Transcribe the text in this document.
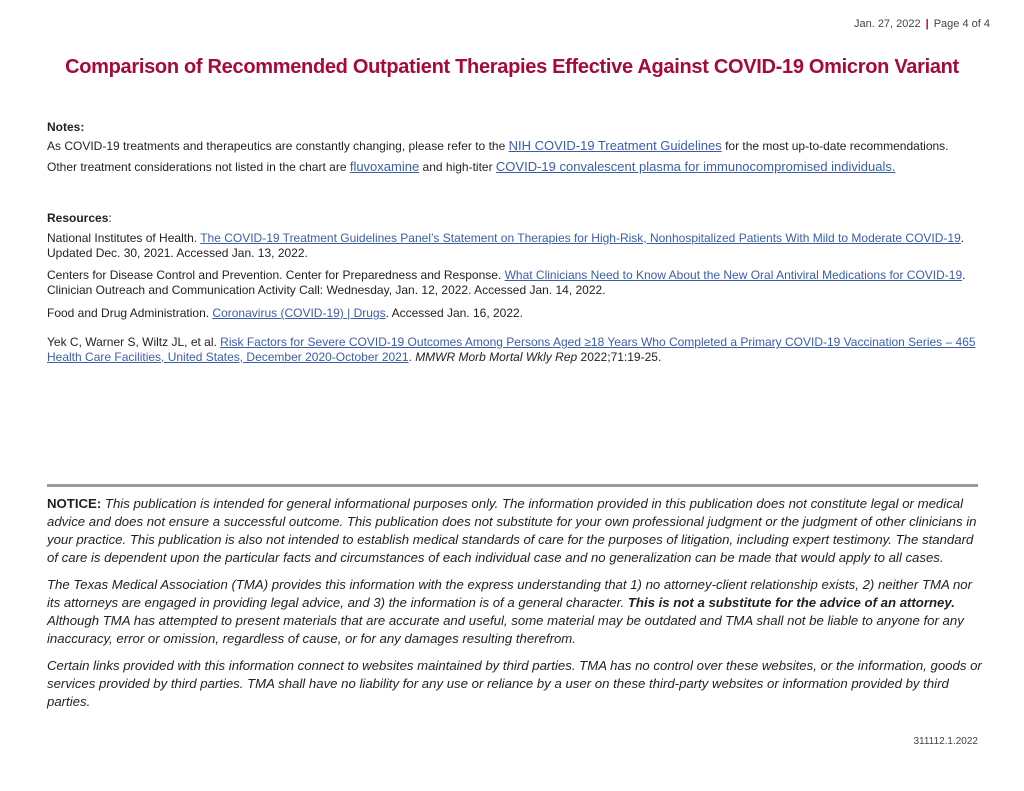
Jan. 27, 2022 | Page 4 of 4
Comparison of Recommended Outpatient Therapies Effective Against COVID-19 Omicron Variant
Notes:
As COVID-19 treatments and therapeutics are constantly changing, please refer to the NIH COVID-19 Treatment Guidelines for the most up-to-date recommendations.
Other treatment considerations not listed in the chart are fluvoxamine and high-titer COVID-19 convalescent plasma for immunocompromised individuals.
Resources:
National Institutes of Health. The COVID-19 Treatment Guidelines Panel’s Statement on Therapies for High-Risk, Nonhospitalized Patients With Mild to Moderate COVID-19. Updated Dec. 30, 2021. Accessed Jan. 13, 2022.
Centers for Disease Control and Prevention. Center for Preparedness and Response. What Clinicians Need to Know About the New Oral Antiviral Medications for COVID-19. Clinician Outreach and Communication Activity Call: Wednesday, Jan. 12, 2022. Accessed Jan. 14, 2022.
Food and Drug Administration. Coronavirus (COVID-19) | Drugs. Accessed Jan. 16, 2022.
Yek C, Warner S, Wiltz JL, et al. Risk Factors for Severe COVID-19 Outcomes Among Persons Aged ≥18 Years Who Completed a Primary COVID-19 Vaccination Series – 465 Health Care Facilities, United States, December 2020-October 2021. MMWR Morb Mortal Wkly Rep 2022;71:19-25.

NOTICE: This publication is intended for general informational purposes only. The information provided in this publication does not constitute legal or medical advice and does not ensure a successful outcome. This publication does not substitute for your own professional judgment or the judgment of other clinicians in your practice. This publication is also not intended to establish medical standards of care for the purposes of litigation, including expert testimony. The standard of care is dependent upon the particular facts and circumstances of each individual case and no generalization can be made that would apply to all cases.

The Texas Medical Association (TMA) provides this information with the express understanding that 1) no attorney-client relationship exists, 2) neither TMA nor its attorneys are engaged in providing legal advice, and 3) the information is of a general character. This is not a substitute for the advice of an attorney. Although TMA has attempted to present materials that are accurate and useful, some material may be outdated and TMA shall not be liable to anyone for any inaccuracy, error or omission, regardless of cause, or for any damages resulting therefrom.

Certain links provided with this information connect to websites maintained by third parties. TMA has no control over these websites, or the information, goods or services provided by third parties. TMA shall have no liability for any use or reliance by a user on these third-party websites or information provided by third parties.

311112.1.2022
